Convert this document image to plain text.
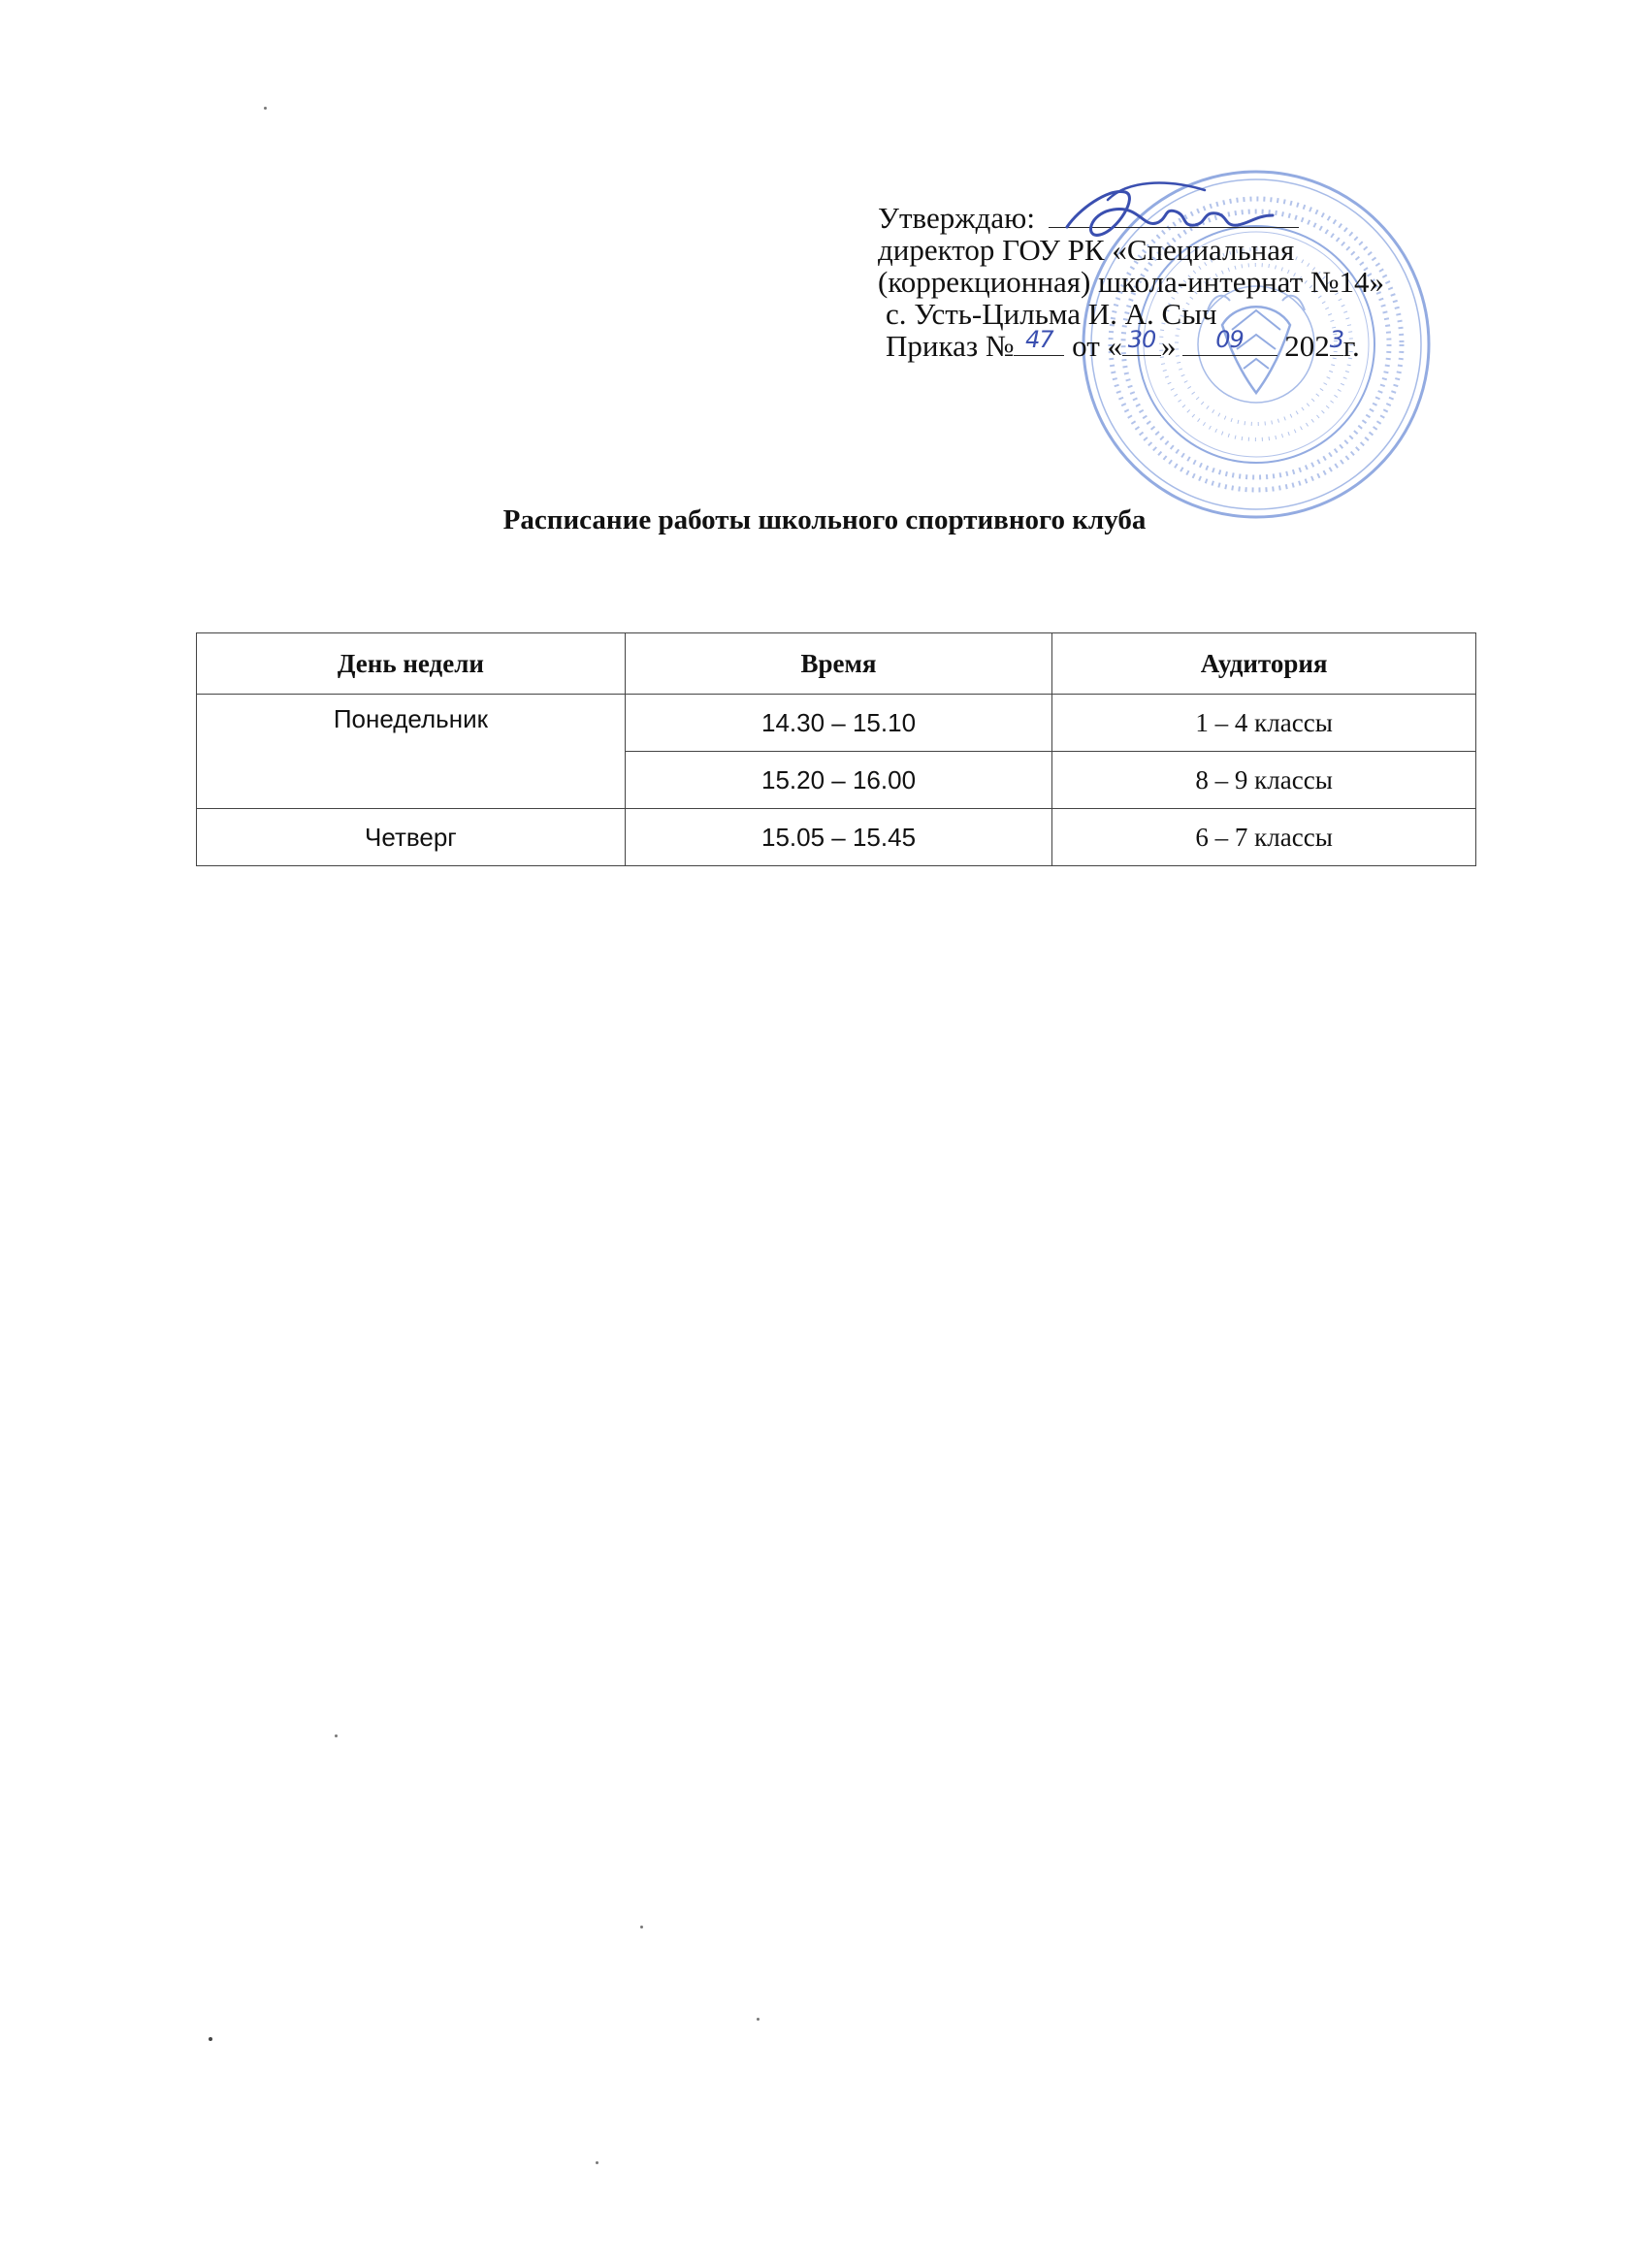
Утверждаю:
директор ГОУ РК «Специальная
(коррекционная) школа-интернат №14»
с. Усть-Цильма И. А. Сыч
Приказ № 47 от « 30 »	09	202 3 г.
Расписание работы школьного спортивного клуба
День недели	Время	Аудитория
Понедельник	14.30 – 15.10	1 – 4 классы
	15.20 – 16.00	8 – 9 классы
Четверг	15.05 – 15.45	6 – 7 классы
